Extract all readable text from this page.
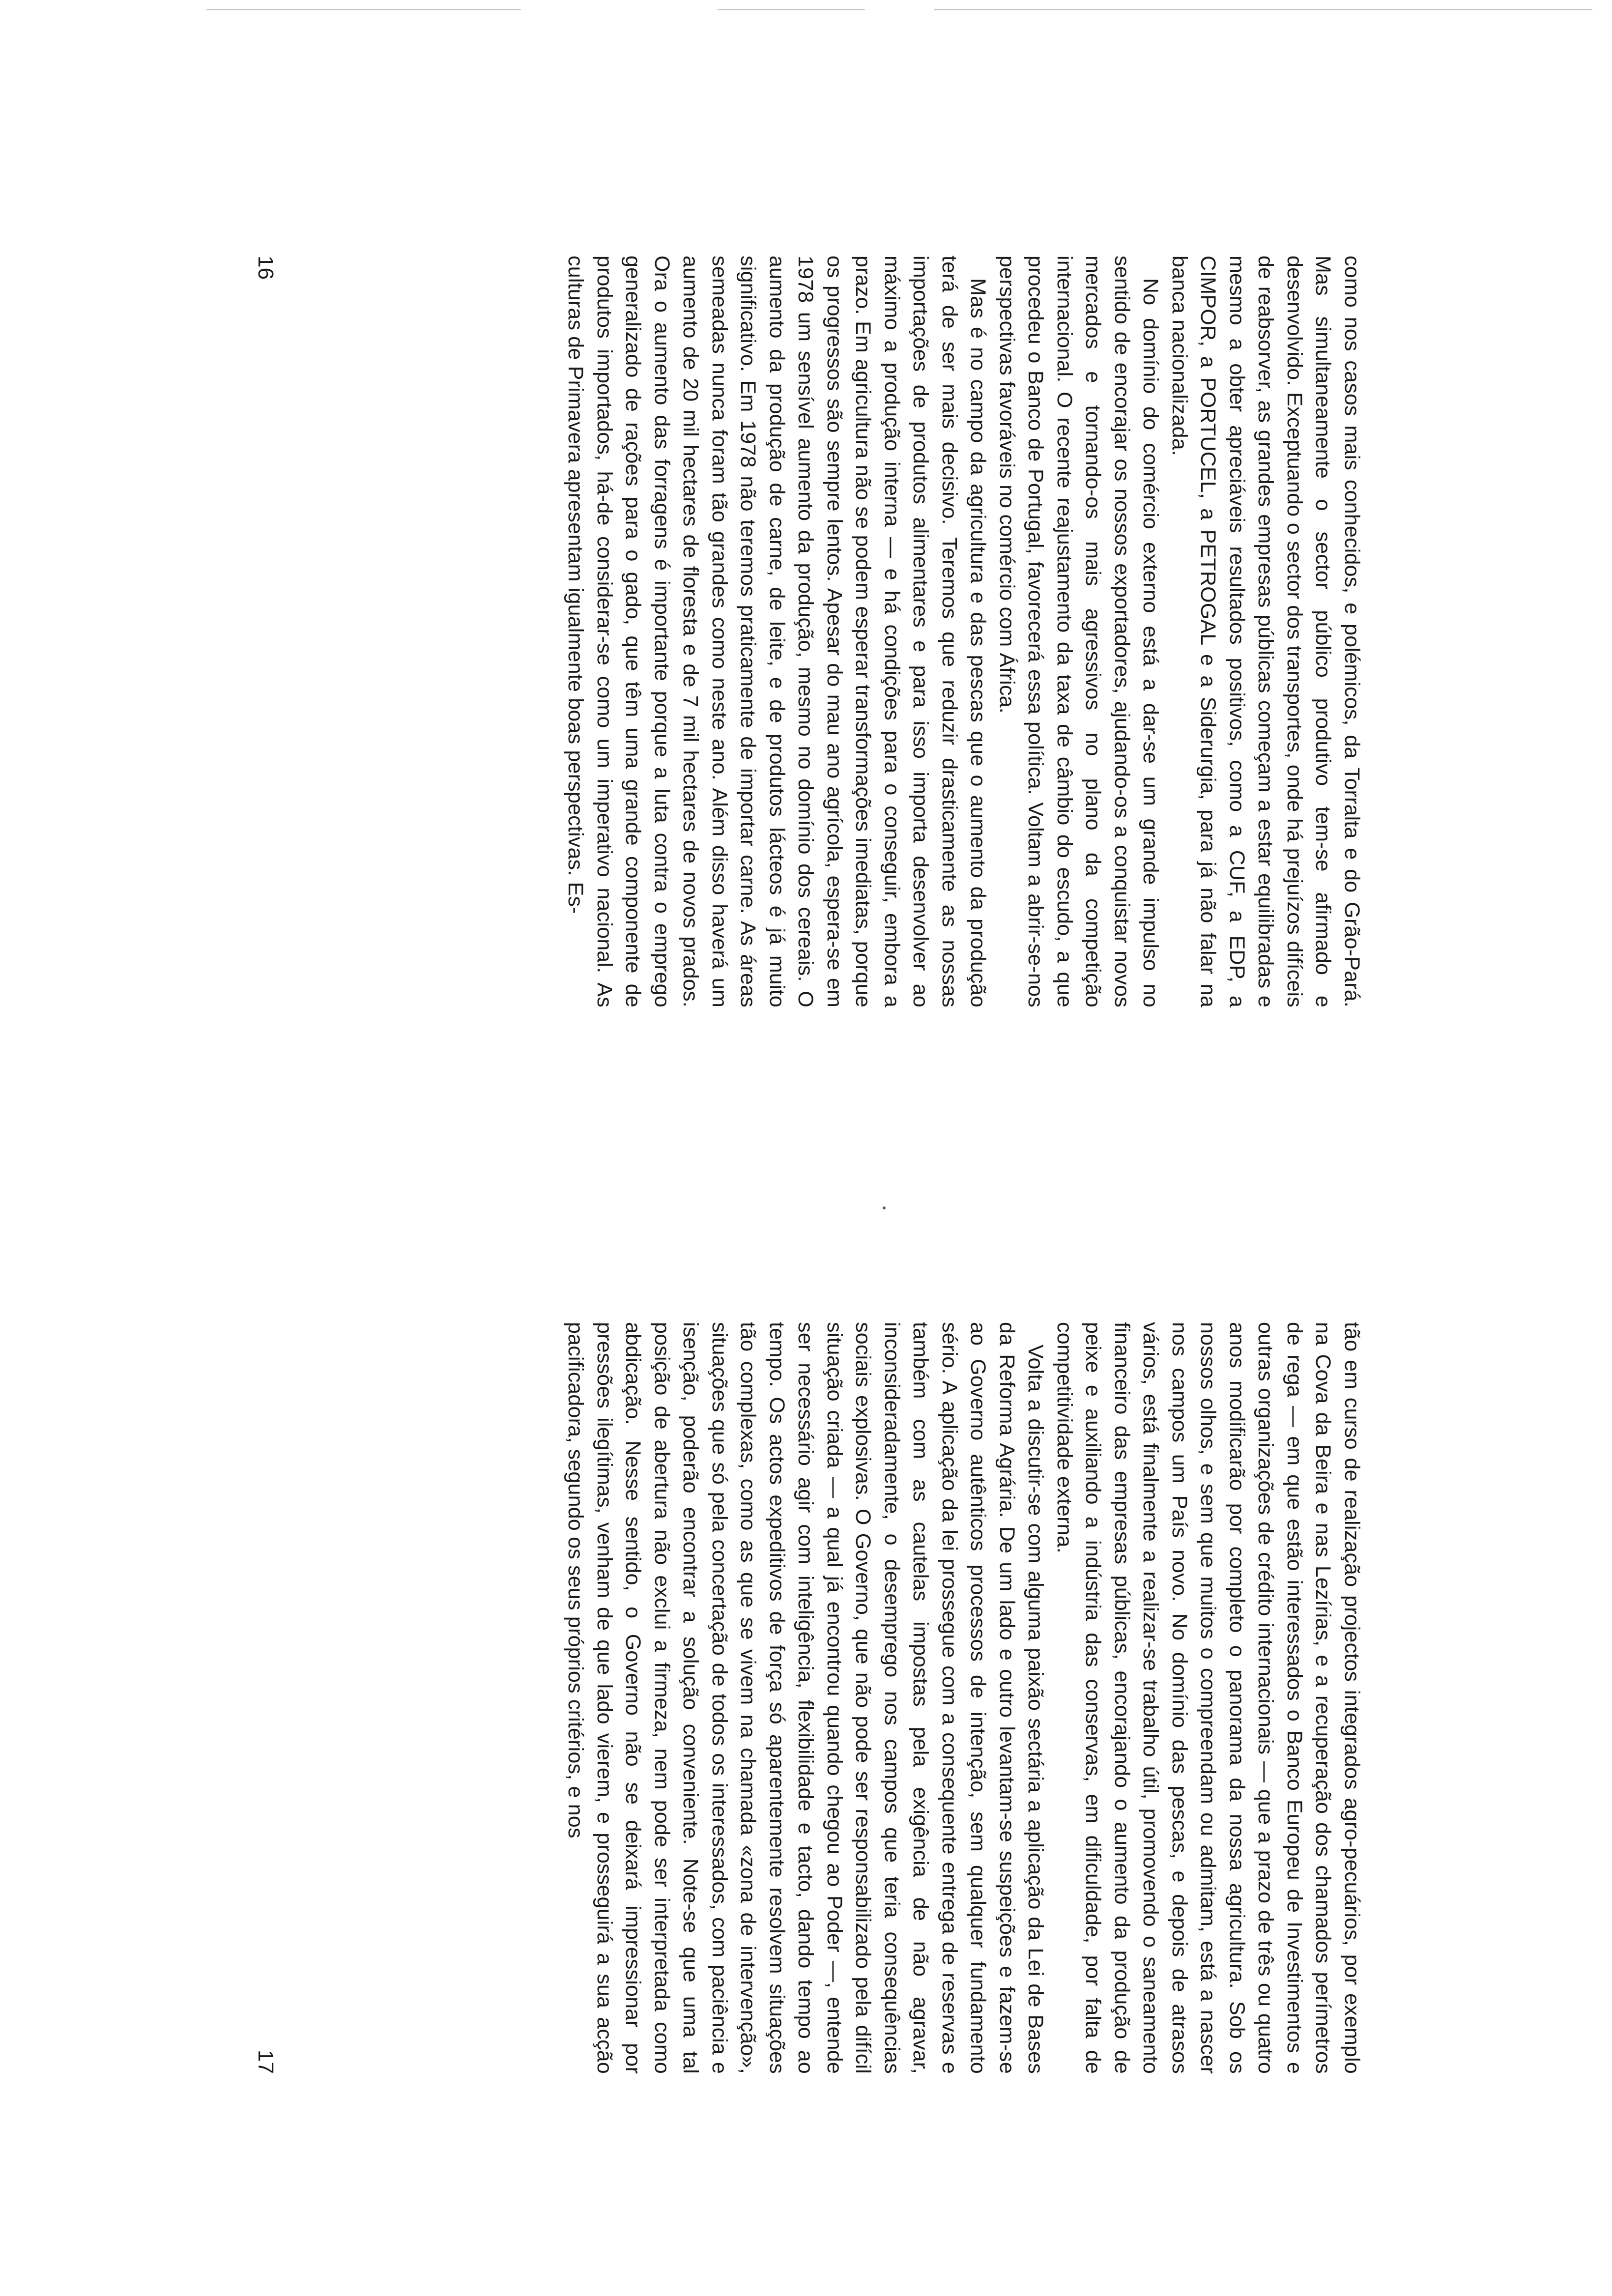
como nos casos mais conhecidos, e polémicos, da Torralta e do Grão-Pará. Mas simultaneamente o sector público produtivo tem-se afirmado e desenvolvido. Exceptuando o sector dos transportes, onde há prejuízos difíceis de reabsorver, as grandes empresas públicas começam a estar equilibradas e mesmo a obter apreciáveis resultados positivos, como a CUF, a EDP, a CIMPOR, a PORTUCEL, a PETROGAL e a Siderurgia, para já não falar na banca nacionalizada.

No domínio do comércio externo está a dar-se um grande impulso no sentido de encorajar os nossos exportadores, ajudando-os a conquistar novos mercados e tornando-os mais agressivos no plano da competição internacional. O recente reajustamento da taxa de câmbio do escudo, a que procedeu o Banco de Portugal, favorecerá essa política. Voltam a abrir-se-nos perspectivas favoráveis no comércio com África.

Mas é no campo da agricultura e das pescas que o aumento da produção terá de ser mais decisivo. Teremos que reduzir drasticamente as nossas importações de produtos alimentares e para isso importa desenvolver ao máximo a produção interna — e há condições para o conseguir, embora a prazo. Em agricultura não se podem esperar transformações imediatas, porque os progressos são sempre lentos. Apesar do mau ano agrícola, espera-se em 1978 um sensível aumento da produção, mesmo no domínio dos cereais. O aumento da produção de carne, de leite, e de produtos lácteos é já muito significativo. Em 1978 não teremos praticamente de importar carne. As áreas semeadas nunca foram tão grandes como neste ano. Além disso haverá um aumento de 20 mil hectares de floresta e de 7 mil hectares de novos prados. Ora o aumento das forragens é importante porque a luta contra o emprego generalizado de rações para o gado, que têm uma grande componente de produtos importados, há-de considerar-se como um imperativo nacional. As culturas de Primavera apresentam igualmente boas perspectivas. Es-

16

tão em curso de realização projectos integrados agro-pecuários, por exemplo na Cova da Beira e nas Lezírias, e a recuperação dos chamados perímetros de rega — em que estão interessados o Banco Europeu de Investimentos e outras organizações de crédito internacionais — que a prazo de três ou quatro anos modificarão por completo o panorama da nossa agricultura. Sob os nossos olhos, e sem que muitos o compreendam ou admitam, está a nascer nos campos um País novo. No domínio das pescas, e depois de atrasos vários, está finalmente a realizar-se trabalho útil, promovendo o saneamento financeiro das empresas públicas, encorajando o aumento da produção de peixe e auxiliando a indústria das conservas, em dificuldade, por falta de competitividade externa.

Volta a discutir-se com alguma paixão sectária a aplicação da Lei de Bases da Reforma Agrária. De um lado e outro levantam-se suspeições e fazem-se ao Governo autênticos processos de intenção, sem qualquer fundamento sério. A aplicação da lei prossegue com a consequente entrega de reservas e também com as cautelas impostas pela exigência de não agravar, inconsideradamente, o desemprego nos campos que teria consequências sociais explosivas. O Governo, que não pode ser responsabilizado pela difícil situação criada — a qual já encontrou quando chegou ao Poder —, entende ser necessário agir com inteligência, flexibilidade e tacto, dando tempo ao tempo. Os actos expeditivos de força só aparentemente resolvem situações tão complexas, como as que se vivem na chamada «zona de intervenção», situações que só pela concertação de todos os interessados, com paciência e isenção, poderão encontrar a solução conveniente. Note-se que uma tal posição de abertura não exclui a firmeza, nem pode ser interpretada como abdicação. Nesse sentido, o Governo não se deixará impressionar por pressões ilegítimas, venham de que lado vierem, e prosseguirá a sua acção pacificadora, segundo os seus próprios critérios, e nos

17
